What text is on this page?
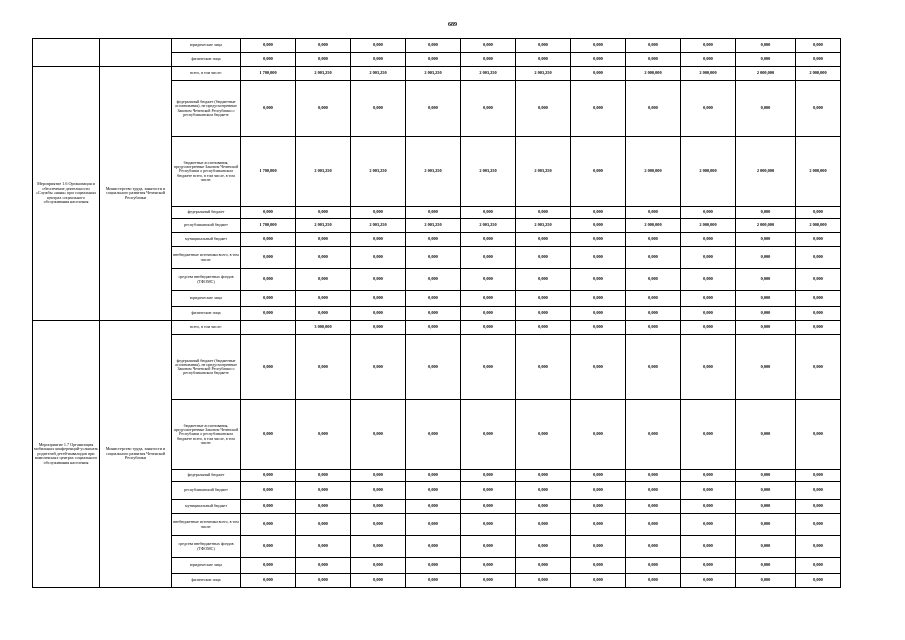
689
		юридические лица	0,000	0,000	0,000	0,000	0,000	0,000	0,000	0,000	0,000	0,000	0,000
		физические лица	0,000	0,000	0,000	0,000	0,000	0,000	0,000	0,000	0,000	0,000	0,000
Мероприятие 1.6 Организация и обеспечение деятельности «Службы «няня» при социальных центрах социального обслуживания населения	Министерство труда, занятости и социального развития Чеченской Республики	всего, в том числе:	1 700,000	2 003,250	2 003,250	2 003,250	2 003,250	2 003,250	0,000	2 000,000	2 000,000	2 000,000	2 000,000
		федеральный бюджет (бюджетные ассигнования), не предусмотренные Законом Чеченской Республики о республиканском бюджете	0,000	0,000	0,000	0,000	0,000	0,000	0,000	0,000	0,000	0,000	0,000
		бюджетные ассигнования, предусмотренные Законом Чеченской Республики о республиканском бюджете всего, в том числе, в том числе:	1 700,000	2 003,250	2 003,250	2 003,250	2 003,250	2 003,250	0,000	2 000,000	2 000,000	2 000,000	2 000,000
		федеральный бюджет	0,000	0,000	0,000	0,000	0,000	0,000	0,000	0,000	0,000	0,000	0,000
		республиканский бюджет	1 700,000	2 003,250	2 003,250	2 003,250	2 003,250	2 003,250	0,000	2 000,000	2 000,000	2 000,000	2 000,000
		муниципальный бюджет	0,000	0,000	0,000	0,000	0,000	0,000	0,000	0,000	0,000	0,000	0,000
		внебюджетные источники всего, в том числе:	0,000	0,000	0,000	0,000	0,000	0,000	0,000	0,000	0,000	0,000	0,000
		средства внебюджетных фондов (ТФОМС)	0,000	0,000	0,000	0,000	0,000	0,000	0,000	0,000	0,000	0,000	0,000
		юридические лица	0,000	0,000	0,000	0,000	0,000	0,000	0,000	0,000	0,000	0,000	0,000
		физические лица	0,000	0,000	0,000	0,000	0,000	0,000	0,000	0,000	0,000	0,000	0,000
Мероприятие 1.7 Организация мобильных конференций-услышать родителей детей-инвалидов при комплексных центрах социального обслуживания населения	Министерство труда, занятости и социального развития Чеченской Республики	всего, в том числе:		3 000,000	0,000	0,000	0,000	0,000	0,000	0,000	0,000	0,000	0,000
		федеральный бюджет (бюджетные ассигнования), не предусмотренные Законом Чеченской Республики о республиканском бюджете	0,000	0,000	0,000	0,000	0,000	0,000	0,000	0,000	0,000	0,000	0,000
		бюджетные ассигнования, предусмотренные Законом Чеченской Республики о республиканском бюджете всего, в том числе, в том числе:	0,000	0,000	0,000	0,000	0,000	0,000	0,000	0,000	0,000	0,000	0,000
		федеральный бюджет	0,000	0,000	0,000	0,000	0,000	0,000	0,000	0,000	0,000	0,000	0,000
		республиканский бюджет	0,000	0,000	0,000	0,000	0,000	0,000	0,000	0,000	0,000	0,000	0,000
		муниципальный бюджет	0,000	0,000	0,000	0,000	0,000	0,000	0,000	0,000	0,000	0,000	0,000
		внебюджетные источники всего, в том числе:	0,000	0,000	0,000	0,000	0,000	0,000	0,000	0,000	0,000	0,000	0,000
		средства внебюджетных фондов (ТФОМС)	0,000	0,000	0,000	0,000	0,000	0,000	0,000	0,000	0,000	0,000	0,000
		юридические лица	0,000	0,000	0,000	0,000	0,000	0,000	0,000	0,000	0,000	0,000	0,000
		физические лица	0,000	0,000	0,000	0,000	0,000	0,000	0,000	0,000	0,000	0,000	0,000
